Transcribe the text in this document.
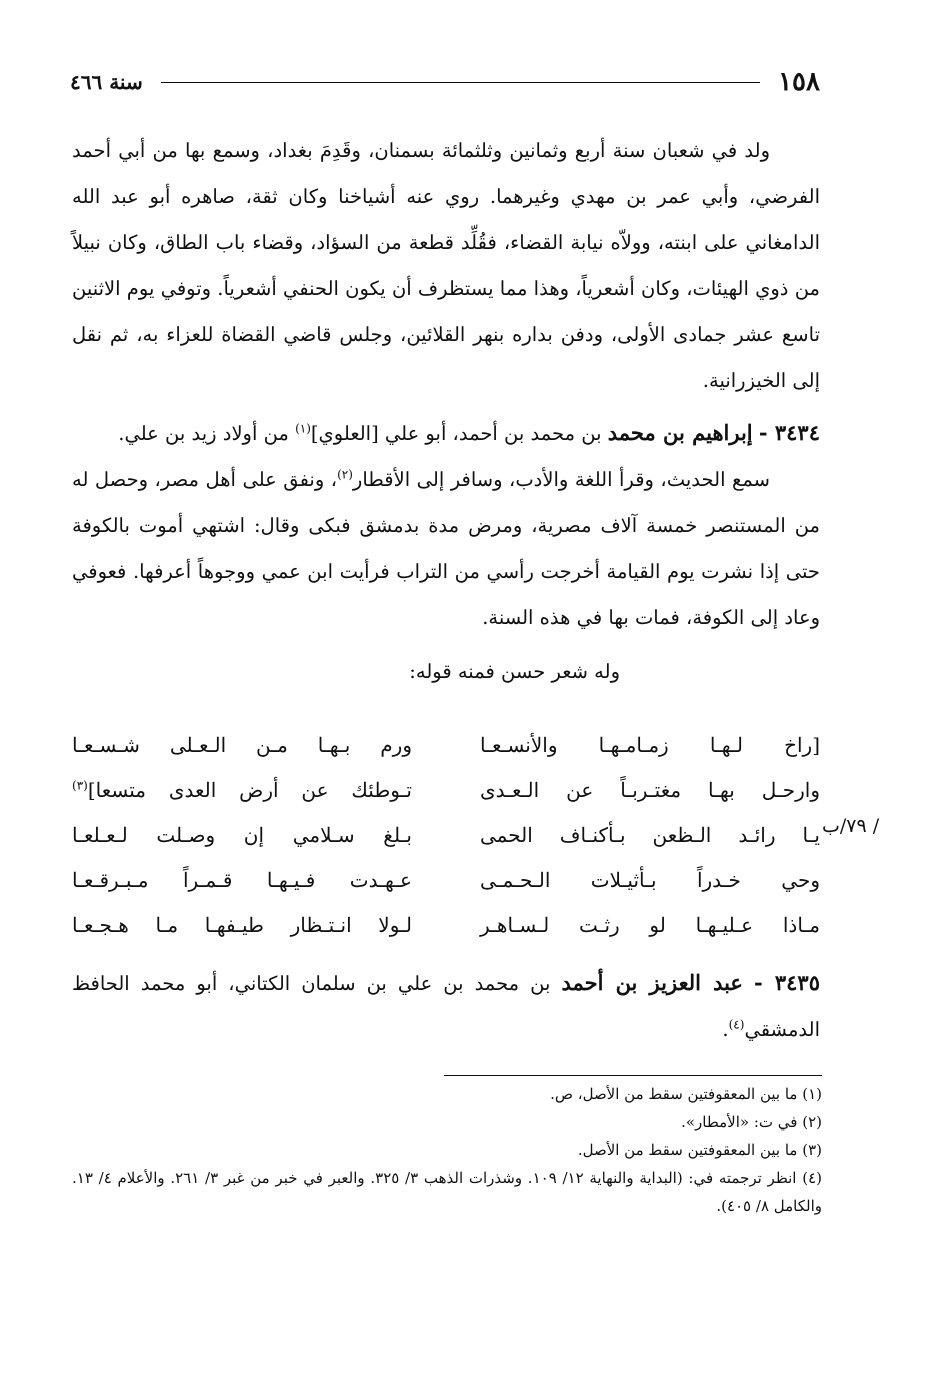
١٥٨
سنة ٤٦٦

ولد في شعبان سنة أربع وثمانين وثلثمائة بسمنان، وقَدِمَ بغداد، وسمع بها من أبي أحمد الفرضي، وأبي عمر بن مهدي وغيرهما. روي عنه أشياخنا وكان ثقة، صاهره أبو عبد الله الدامغاني على ابنته، وولاّه نيابة القضاء، فقُلِّد قطعة من السؤاد، وقضاء باب الطاق، وكان نبيلاً من ذوي الهيئات، وكان أشعرياً، وهذا مما يستظرف أن يكون الحنفي أشعرياً. وتوفي يوم الاثنين تاسع عشر جمادى الأولى، ودفن بداره بنهر القلائين، وجلس قاضي القضاة للعزاء به، ثم نقل إلى الخيزرانية.

٣٤٣٤ - إبراهيم بن محمد بن محمد بن أحمد، أبو علي [العلوي]$^{(١)}$ من أولاد زيد بن علي.

سمع الحديث، وقرأ اللغة والأدب، وسافر إلى الأقطار$^{(٢)}$، ونفق على أهل مصر، وحصل له من المستنصر خمسة آلاف مصرية، ومرض مدة بدمشق فبكى وقال: اشتهي أموت بالكوفة حتى إذا نشرت يوم القيامة أخرجت رأسي من التراب فرأيت ابن عمي ووجوهاً أعرفها. فعوفي وعاد إلى الكوفة، فمات بها في هذه السنة.

وله شعر حسن فمنه قوله:

[راخ لـهـا زمـامـهـا والأنسـعـا
ورم بـهـا مـن الـعـلى شـسـعـا
وارحـل بهـا مغتـربـاً عن الـعـدى
تـوطئك عن أرض العدى متسعا]$^{(٣)}$
يـا رائـد الـظعن بـأكنـاف الحمى
بـلغ سـلامي إن وصـلت لـعـلعـا
وحي خـدراً بـأثيـلات الـحـمـى
عـهـدت فـيـهـا قـمـراً مـبـرقـعـا
مـاذا عـليـهـا لو رثـت لـسـاهـر
لـولا انـتـظار طيـفهـا مـا هـجـعـا
٧٩/ب /

٣٤٣٥ - عبد العزيز بن أحمد بن محمد بن علي بن سلمان الكتاني، أبو محمد الحافظ الدمشقي$^{(٤)}$.

(١) ما بين المعقوفتين سقط من الأصل، ص.

(٢) في ت: «الأمطار».

(٣) ما بين المعقوفتين سقط من الأصل.

(٤) انظر ترجمته في: (البداية والنهاية ١٢/ ١٠٩. وشذرات الذهب ٣/ ٣٢٥. والعبر في خبر من غبر ٣/ ٢٦١. والأعلام ٤/ ١٣. والكامل ٨/ ٤٠٥).
